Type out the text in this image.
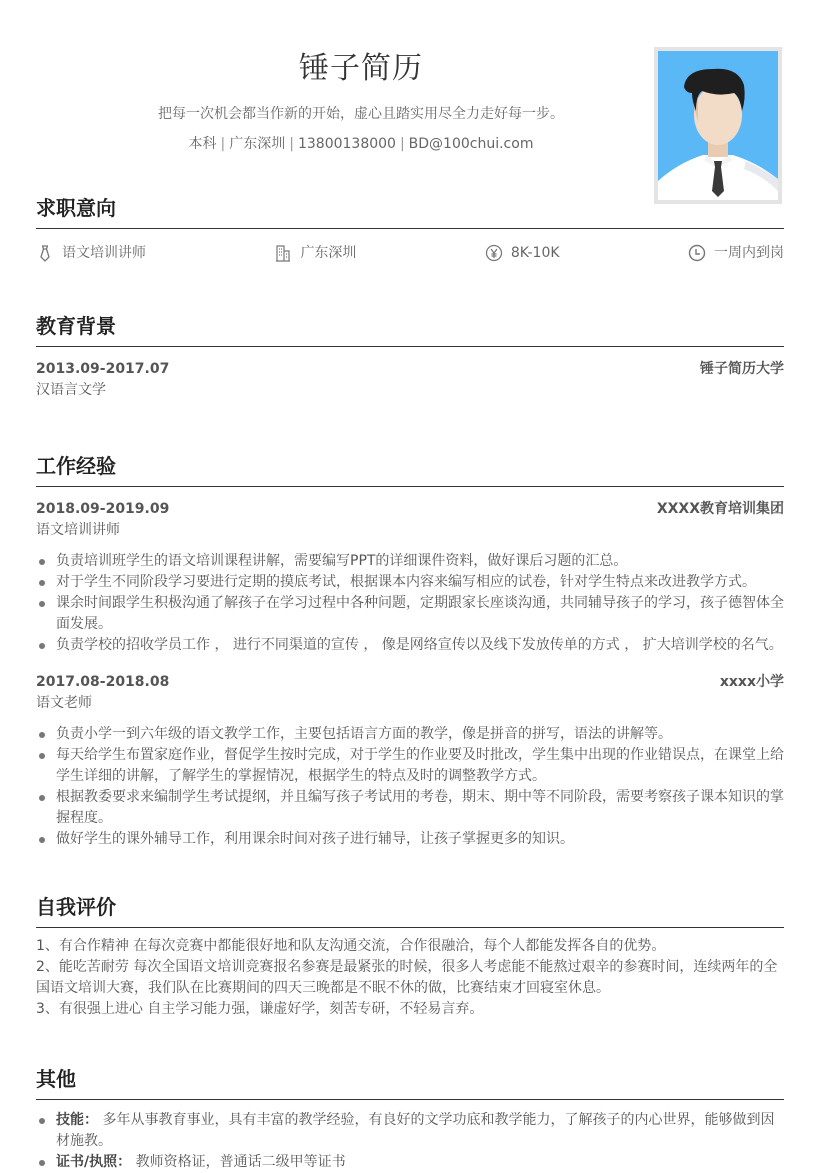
锤子简历
把每一次机会都当作新的开始，虚心且踏实用尽全力走好每一步。
本科 | 广东深圳 | 13800138000 | BD@100chui.com
求职意向
语文培训讲师	广东深圳	8K-10K	一周内到岗
教育背景
2013.09-2017.07	锤子简历大学
汉语言文学
工作经验
2018.09-2019.09	XXXX教育培训集团
语文培训讲师
负责培训班学生的语文培训课程讲解，需要编写PPT的详细课件资料，做好课后习题的汇总。
对于学生不同阶段学习要进行定期的摸底考试，根据课本内容来编写相应的试卷，针对学生特点来改进教学方式。
课余时间跟学生积极沟通了解孩子在学习过程中各种问题，定期跟家长座谈沟通，共同辅导孩子的学习，孩子德智体全面发展。
负责学校的招收学员工作 ， 进行不同渠道的宣传 ， 像是网络宣传以及线下发放传单的方式 ， 扩大培训学校的名气。
2017.08-2018.08	xxxx小学
语文老师
负责小学一到六年级的语文教学工作，主要包括语言方面的教学，像是拼音的拼写，语法的讲解等。
每天给学生布置家庭作业，督促学生按时完成，对于学生的作业要及时批改，学生集中出现的作业错误点，在课堂上给学生详细的讲解，了解学生的掌握情况，根据学生的特点及时的调整教学方式。
根据教委要求来编制学生考试提纲，并且编写孩子考试用的考卷，期末、期中等不同阶段，需要考察孩子课本知识的掌握程度。
做好学生的课外辅导工作，利用课余时间对孩子进行辅导，让孩子掌握更多的知识。
自我评价
1、有合作精神 在每次竞赛中都能很好地和队友沟通交流，合作很融洽，每个人都能发挥各自的优势。
2、能吃苦耐劳 每次全国语文培训竞赛报名参赛是最紧张的时候，很多人考虑能不能熬过艰辛的参赛时间，连续两年的全国语文培训大赛，我们队在比赛期间的四天三晚都是不眠不休的做，比赛结束才回寝室休息。
3、有很强上进心 自主学习能力强，谦虚好学，刻苦专研，不轻易言弃。
其他
技能： 多年从事教育事业，具有丰富的教学经验，有良好的文学功底和教学能力，了解孩子的内心世界，能够做到因材施教。
证书/执照： 教师资格证，普通话二级甲等证书
